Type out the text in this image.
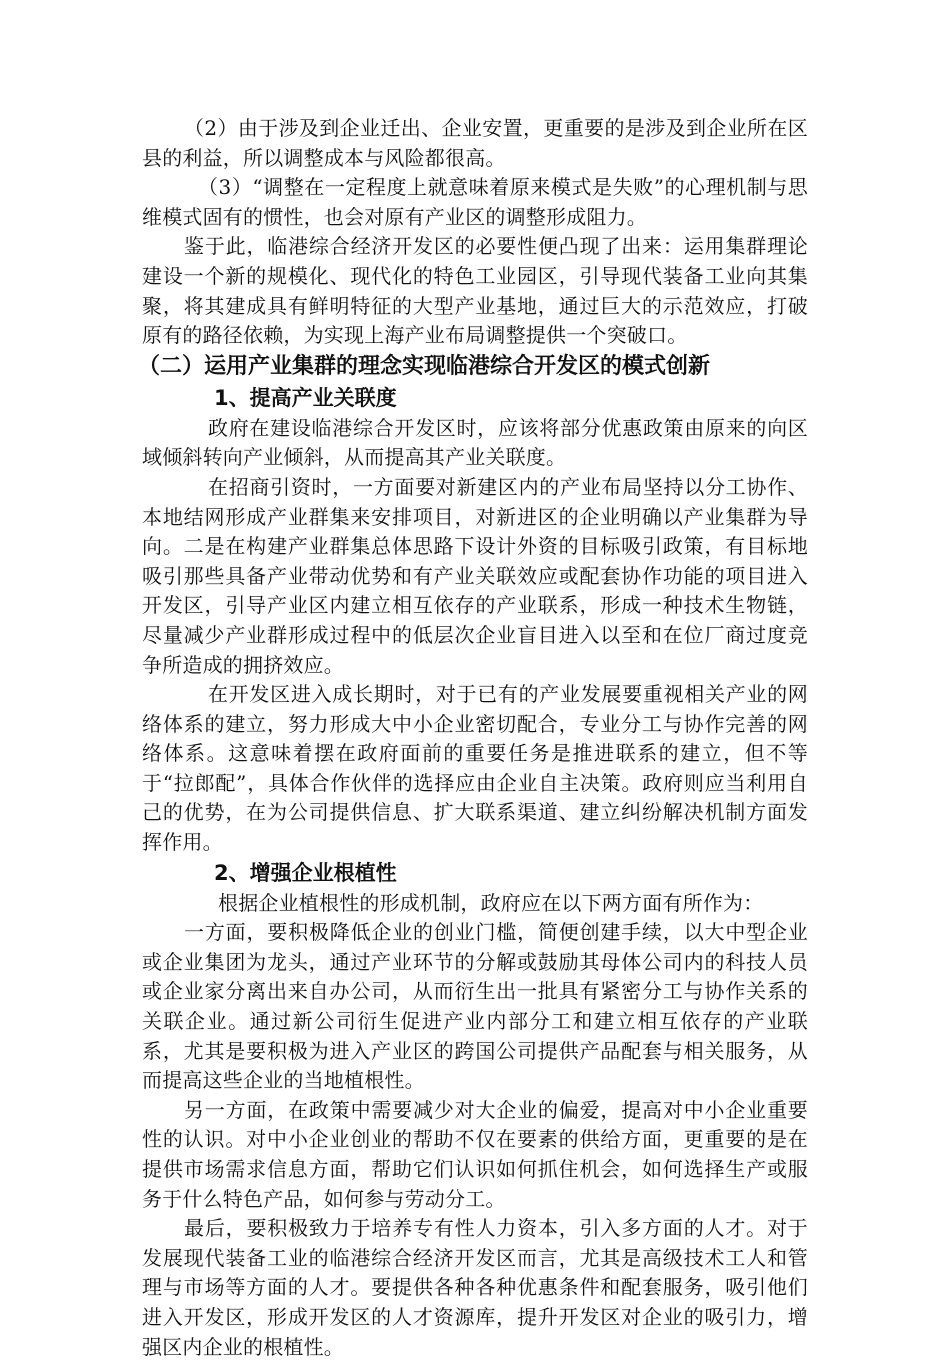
（2）由于涉及到企业迁出、企业安置，更重要的是涉及到企业所在区县的利益，所以调整成本与风险都很高。

（3）“调整在一定程度上就意味着原来模式是失败”的心理机制与思维模式固有的惯性，也会对原有产业区的调整形成阻力。

鉴于此，临港综合经济开发区的必要性便凸现了出来：运用集群理论建设一个新的规模化、现代化的特色工业园区，引导现代装备工业向其集聚，将其建成具有鲜明特征的大型产业基地，通过巨大的示范效应，打破原有的路径依赖，为实现上海产业布局调整提供一个突破口。

（二）运用产业集群的理念实现临港综合开发区的模式创新
1、提高产业关联度

政府在建设临港综合开发区时，应该将部分优惠政策由原来的向区域倾斜转向产业倾斜，从而提高其产业关联度。

在招商引资时，一方面要对新建区内的产业布局坚持以分工协作、本地结网形成产业群集来安排项目，对新进区的企业明确以产业集群为导向。二是在构建产业群集总体思路下设计外资的目标吸引政策，有目标地吸引那些具备产业带动优势和有产业关联效应或配套协作功能的项目进入开发区，引导产业区内建立相互依存的产业联系，形成一种技术生物链，尽量减少产业群形成过程中的低层次企业盲目进入以至和在位厂商过度竞争所造成的拥挤效应。

在开发区进入成长期时，对于已有的产业发展要重视相关产业的网络体系的建立，努力形成大中小企业密切配合，专业分工与协作完善的网络体系。这意味着摆在政府面前的重要任务是推进联系的建立，但不等于“拉郎配”，具体合作伙伴的选择应由企业自主决策。政府则应当利用自己的优势，在为公司提供信息、扩大联系渠道、建立纠纷解决机制方面发挥作用。

2、增强企业根植性

根据企业植根性的形成机制，政府应在以下两方面有所作为：

一方面，要积极降低企业的创业门槛，简便创建手续，以大中型企业或企业集团为龙头，通过产业环节的分解或鼓励其母体公司内的科技人员或企业家分离出来自办公司，从而衍生出一批具有紧密分工与协作关系的关联企业。通过新公司衍生促进产业内部分工和建立相互依存的产业联系，尤其是要积极为进入产业区的跨国公司提供产品配套与相关服务，从而提高这些企业的当地植根性。

另一方面，在政策中需要减少对大企业的偏爱，提高对中小企业重要性的认识。对中小企业创业的帮助不仅在要素的供给方面，更重要的是在提供市场需求信息方面，帮助它们认识如何抓住机会，如何选择生产或服务于什么特色产品，如何参与劳动分工。

最后，要积极致力于培养专有性人力资本，引入多方面的人才。对于发展现代装备工业的临港综合经济开发区而言，尤其是高级技术工人和管理与市场等方面的人才。要提供各种各种优惠条件和配套服务，吸引他们进入开发区，形成开发区的人才资源库，提升开发区对企业的吸引力，增强区内企业的根植性。
